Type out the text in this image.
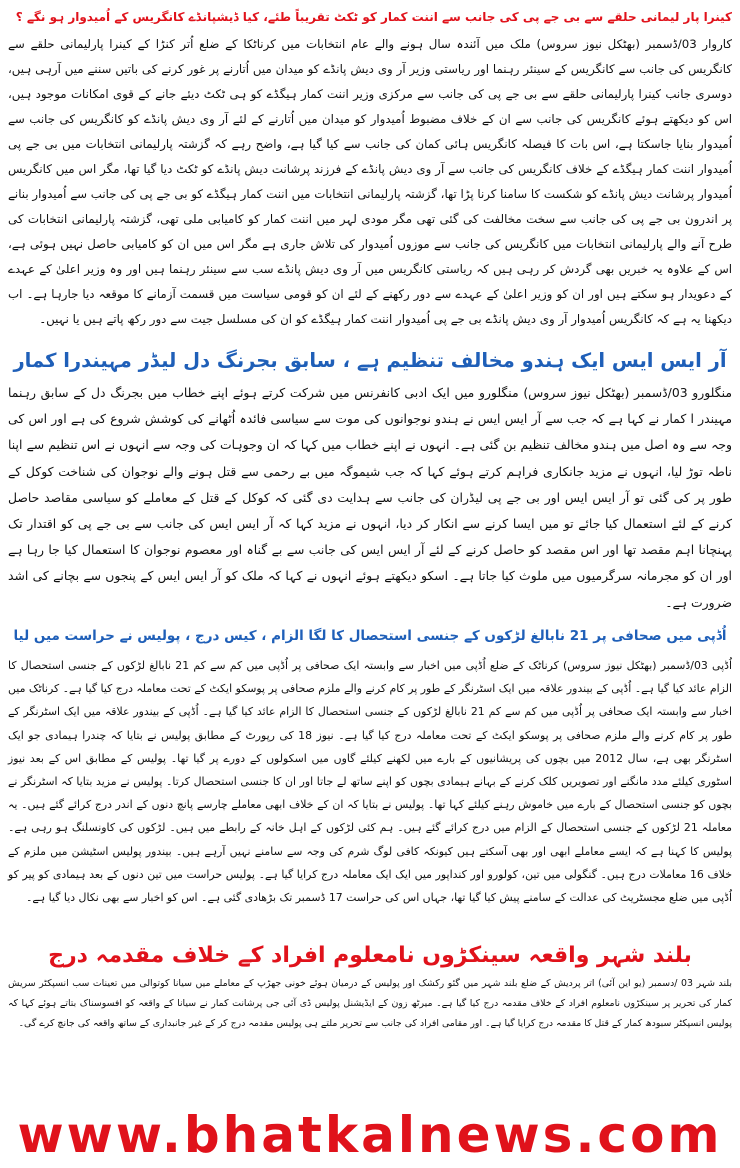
کینرا پار لیمانی حلقے سے بی جے پی کی جانب سے اننت کمار کو ٹکٹ تقریباً طئے، کیا ڈیشپانڈے کانگریس کے اُمیدوار ہو نگے ؟

کاروار 03/ڈسمبر (بھٹکل نیوز سروس) ملک میں آئندہ سال ہونے والے عام انتخابات میں کرناٹکا کے ضلع اُتر کنڑا کے کینرا پارلیمانی حلقے سے کانگریس کی جانب سے کانگریس کے سینئر رہنما اور ریاستی وزیر آر وی دیش پانڈے کو میدان میں اُتارنے پر غور کرنے کی باتیں سننے میں آرہی ہیں، دوسری جانب کینرا پارلیمانی حلقے سے بی جے پی کی جانب سے مرکزی وزیر اننت کمار ہیگڈے کو ہی ٹکٹ دیئے جانے کے قوی امکانات موجود ہیں، اس کو دیکھتے ہوئے کانگریس کی جانب سے ان کے خلاف مضبوط اُمیدوار کو میدان میں اُتارنے کے لئے آر وی دیش پانڈے کو کانگریس کی جانب سے اُمیدوار بنایا جاسکتا ہے، اس بات کا فیصلہ کانگریس ہائی کمان کی جانب سے کیا گیا ہے، واضح رہے کہ گزشتہ پارلیمانی انتخابات میں بی جے پی اُمیدوار اننت کمار ہیگڈے کے خلاف کانگریس کی جانب سے آر وی دیش پانڈے کے فرزند پرشانت دیش پانڈے کو ٹکٹ دیا گیا تھا، مگر اس میں کانگریس اُمیدوار پرشانت دیش پانڈے کو شکست کا سامنا کرنا پڑا تھا، گزشتہ پارلیمانی انتخابات میں اننت کمار ہیگڈے کو بی جے پی کی جانب سے اُمیدوار بنانے پر اندرون بی جے پی کی جانب سے سخت مخالفت کی گئی تھی مگر مودی لہر میں اننت کمار کو کامیابی ملی تھی، گزشتہ پارلیمانی انتخابات کی طرح آنے والے پارلیمانی انتخابات میں کانگریس کی جانب سے موزوں اُمیدوار کی تلاش جاری ہے مگر اس میں ان کو کامیابی حاصل نہیں ہوئی ہے، اس کے علاوہ یہ خبریں بھی گردش کر رہی ہیں کہ ریاستی کانگریس میں آر وی دیش پانڈے سب سے سینئر رہنما ہیں اور وہ وزیر اعلیٰ کے عہدے کے دعویدار ہو سکتے ہیں اور ان کو وزیر اعلیٰ کے عہدے سے دور رکھنے کے لئے ان کو قومی سیاست میں قسمت آزمانے کا موقعہ دیا جارہا ہے۔ اب دیکھنا یہ ہے کہ کانگریس اُمیدوار آر وی دیش پانڈے بی جے پی اُمیدوار اننت کمار ہیگڈے کو ان کی مسلسل جیت سے دور رکھ پاتے ہیں یا نہیں۔

آر ایس ایس ایک ہندو مخالف تنظیم ہے ، سابق بجرنگ دل لیڈر مہیندرا کمار

منگلورو 03/ڈسمبر (بھٹکل نیوز سروس) منگلورو میں ایک ادبی کانفرنس میں شرکت کرتے ہوئے اپنے خطاب میں بجرنگ دل کے سابق رہنما مہیندر ا کمار نے کہا ہے کہ جب سے آر ایس ایس نے ہندو نوجوانوں کی موت سے سیاسی فائدہ اُٹھانے کی کوشش شروع کی ہے اور اس کی وجہ سے وہ اصل میں ہندو مخالف تنظیم بن گئی ہے۔ انہوں نے اپنے خطاب میں کہا کہ ان وجوہات کی وجہ سے انہوں نے اس تنظیم سے اپنا ناطہ توڑ لیا، انہوں نے مزید جانکاری فراہم کرتے ہوئے کہا کہ جب شیموگہ میں بے رحمی سے قتل ہونے والے نوجوان کی شناخت کوکل کے طور پر کی گئی تو آر ایس ایس اور بی جے پی لیڈران کی جانب سے ہدایت دی گئی کہ کوکل کے قتل کے معاملے کو سیاسی مقاصد حاصل کرنے کے لئے استعمال کیا جائے تو میں ایسا کرنے سے انکار کر دیا، انہوں نے مزید کہا کہ آر ایس ایس کی جانب سے بی جے پی کو اقتدار تک پہنچانا اہم مقصد تھا اور اس مقصد کو حاصل کرنے کے لئے آر ایس ایس کی جانب سے بے گناہ اور معصوم نوجوان کا استعمال کیا جا رہا ہے اور ان کو مجرمانہ سرگرمیوں میں ملوث کیا جاتا ہے۔ اسکو دیکھتے ہوئے انہوں نے کہا کہ ملک کو آر ایس ایس کے پنجوں سے بچانے کی اشد ضرورت ہے۔

اُڈپی میں صحافی پر 21 نابالغ لڑکوں کے جنسی استحصال کا لگا الزام ، کیس درج ، پولیس نے حراست میں لیا

اُڈپی 03/ڈسمبر (بھٹکل نیوز سروس) کرناٹک کے ضلع اُڈپی میں اخبار سے وابستہ ایک صحافی پر اُڈپی میں کم سے کم 21 نابالغ لڑکوں کے جنسی استحصال کا الزام عائد کیا گیا ہے۔ اُڈپی کے بیندور علاقہ میں ایک اسٹرنگر کے طور پر کام کرنے والے ملزم صحافی پر پوسکو ایکٹ کے تحت معاملہ درج کیا گیا ہے۔ کرناٹک میں اخبار سے وابستہ ایک صحافی پر اُڈپی میں کم سے کم 21 نابالغ لڑکوں کے جنسی استحصال کا الزام عائد کیا گیا ہے۔ اُڈپی کے بیندور علاقہ میں ایک اسٹرنگر کے طور پر کام کرنے والے ملزم صحافی پر پوسکو ایکٹ کے تحت معاملہ درج کیا گیا ہے۔ نیوز 18 کی رپورٹ کے مطابق پولیس نے بتایا کہ چندرا ہیمادی جو ایک اسٹرنگر بھی ہے، سال 2012 میں بچوں کی پریشانیوں کے بارے میں لکھنے کیلئے گاوں میں اسکولوں کے دورے پر گیا تھا۔ پولیس کے مطابق اس کے بعد نیوز اسٹوری کیلئے مدد مانگنے اور تصویریں کلک کرنے کے بہانے ہیمادی بچوں کو اپنے ساتھ لے جاتا اور ان کا جنسی استحصال کرتا۔ پولیس نے مزید بتایا کہ اسٹرنگر نے بچوں کو جنسی استحصال کے بارے میں خاموش رہنے کیلئے کہا تھا۔ پولیس نے بتایا کہ ان کے خلاف ابھی معاملے چارسے پانچ دنوں کے اندر درج کرائے گئے ہیں۔ یہ معاملہ 21 لڑکوں کے جنسی استحصال کے الزام میں درج کرائے گئے ہیں۔ ہم کئی لڑکوں کے اہل خانہ کے رابطے میں ہیں۔ لڑکوں کی کاونسلنگ ہو رہی ہے۔ پولیس کا کہنا ہے کہ ایسے معاملے ابھی اور بھی آسکتے ہیں کیونکہ کافی لوگ شرم کی وجہ سے سامنے نہیں آرہے ہیں۔ بیندور پولیس اسٹیشن میں ملزم کے خلاف 16 معاملات درج ہیں۔ گنگولی میں تین، کولورو اور کنداپور میں ایک ایک معاملہ درج کرایا گیا ہے۔ پولیس حراست میں تین دنوں کے بعد ہیمادی کو پیر کو اُڈپی میں ضلع مجسٹریٹ کی عدالت کے سامنے پیش کیا گیا تھا، جہاں اس کی حراست 17 ڈسمبر تک بڑھادی گئی ہے۔ اس کو اخبار سے بھی نکال دیا گیا ہے۔

بلند شہر واقعہ سینکڑوں نامعلوم افراد کے خلاف مقدمہ درج

بلند شہر 03 /دسمبر (یو این آئی) اتر پردیش کے ضلع بلند شہر میں گئو رکشک اور پولیس کے درمیان ہوئے خونی جھڑپ کے معاملے میں سیانا کوتوالی میں تعینات سب انسپکٹر سریش کمار کی تحریر پر سینکڑوں نامعلوم افراد کے خلاف مقدمہ درج کیا گیا ہے۔ میرٹھ زون کے ایڈیشنل پولیس ڈی آئی جی پرشانت کمار نے سیانا کے واقعہ کو افسوسناک بتاتے ہوئے کہا کہ پولیس انسپکٹر سبودھ کمار کے قتل کا مقدمہ درج کرایا گیا ہے۔ اور مقامی افراد کی جانب سے تحریر ملتے ہی پولیس مقدمہ درج کر کے غیر جانبداری کے ساتھ واقعہ کی جانچ کرے گی۔

www.bhatkalnews.com
